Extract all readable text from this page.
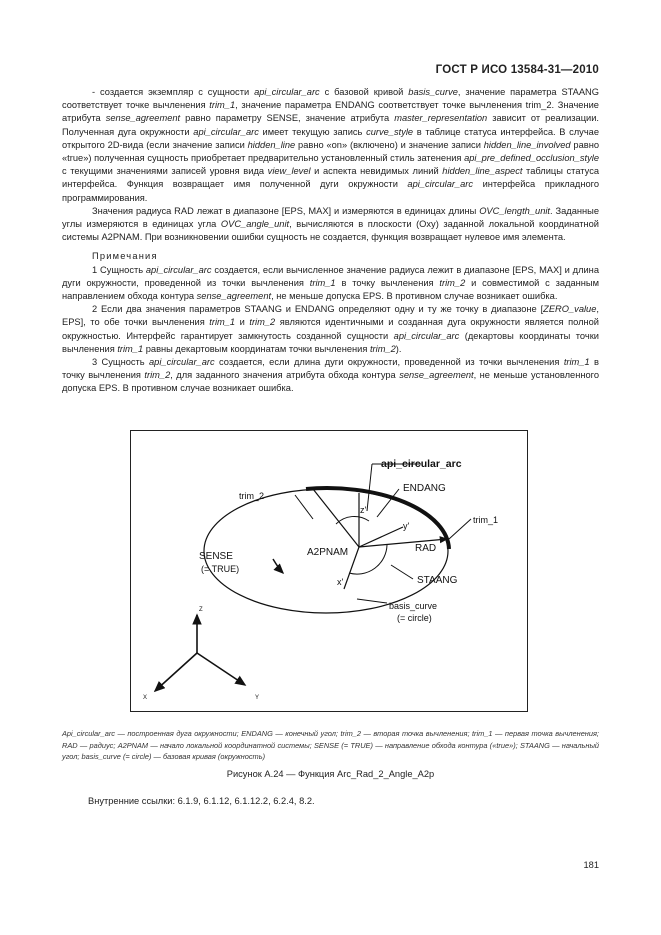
ГОСТ Р ИСО 13584-31—2010

- создается экземпляр с сущности api_circular_arc с базовой кривой basis_curve, значение параметра STAANG соответствует точке вычленения trim_1, значение параметра ENDANG соответствует точке вычленения trim_2. Значение атрибута sense_agreement равно параметру SENSE, значение атрибута master_representation зависит от реализации. Полученная дуга окружности api_circular_arc имеет текущую запись curve_style в таблице статуса интерфейса. В случае открытого 2D-вида (если значение записи hidden_line равно «on» (включено) и значение записи hidden_line_involved равно «true») полученная сущность приобретает предварительно установленный стиль затенения api_pre_defined_occlusion_style с текущими значениями записей уровня вида view_level и аспекта невидимых линий hidden_line_aspect таблицы статуса интерфейса. Функция возвращает имя полученной дуги окружности api_circular_arc интерфейса прикладного программирования.

Значения радиуса RAD лежат в диапазоне [EPS, MAX] и измеряются в единицах длины OVC_length_unit. Заданные углы измеряются в единицах угла OVC_angle_unit, вычисляются в плоскости (Oxy) заданной локальной координатной системы A2PNAM. При возникновении ошибки сущность не создается, функция возвращает нулевое имя элемента.

Примечания

1 Сущность api_circular_arc создается, если вычисленное значение радиуса лежит в диапазоне [EPS, MAX] и длина дуги окружности, проведенной из точки вычленения trim_1 в точку вычленения trim_2 и совместимой с заданным направлением обхода контура sense_agreement, не меньше допуска EPS. В противном случае возникает ошибка.

2 Если два значения параметров STAANG и ENDANG определяют одну и ту же точку в диапазоне [ZERO_value, EPS], то обе точки вычленения trim_1 и trim_2 являются идентичными и созданная дуга окружности является полной окружностью. Интерфейс гарантирует замкнутость созданной сущности api_circular_arc (декартовы координаты точки вычленения trim_1 равны декартовым координатам точки вычленения trim_2).

3 Сущность api_circular_arc создается, если длина дуги окружности, проведенной из точки вычленения trim_1 в точку вычленения trim_2, для заданного значения атрибута обхода контура sense_agreement, не меньше установленного допуска EPS. В противном случае возникает ошибка.

api_circular_arc
ENDANG
trim_2
trim_1
z'
y'
RAD
A2PNAM
SENSE
(= TRUE)
x'	STAANG
basis_curve
(= circle)
Z
X	Y
Api_circular_arc — построенная дуга окружности; ENDANG — конечный угол; trim_2 — вторая точка вычленения; trim_1 — первая точка вычленения; RAD — радиус; A2PNAM — начало локальной координатной системы; SENSE (= TRUE) — направление обхода контура («true»); STAANG — начальный угол; basis_curve (= circle) — базовая кривая (окружность)
Рисунок А.24 — Функция Arc_Rad_2_Angle_A2p
Внутренние ссылки: 6.1.9, 6.1.12, 6.1.12.2, 6.2.4, 8.2.
181
